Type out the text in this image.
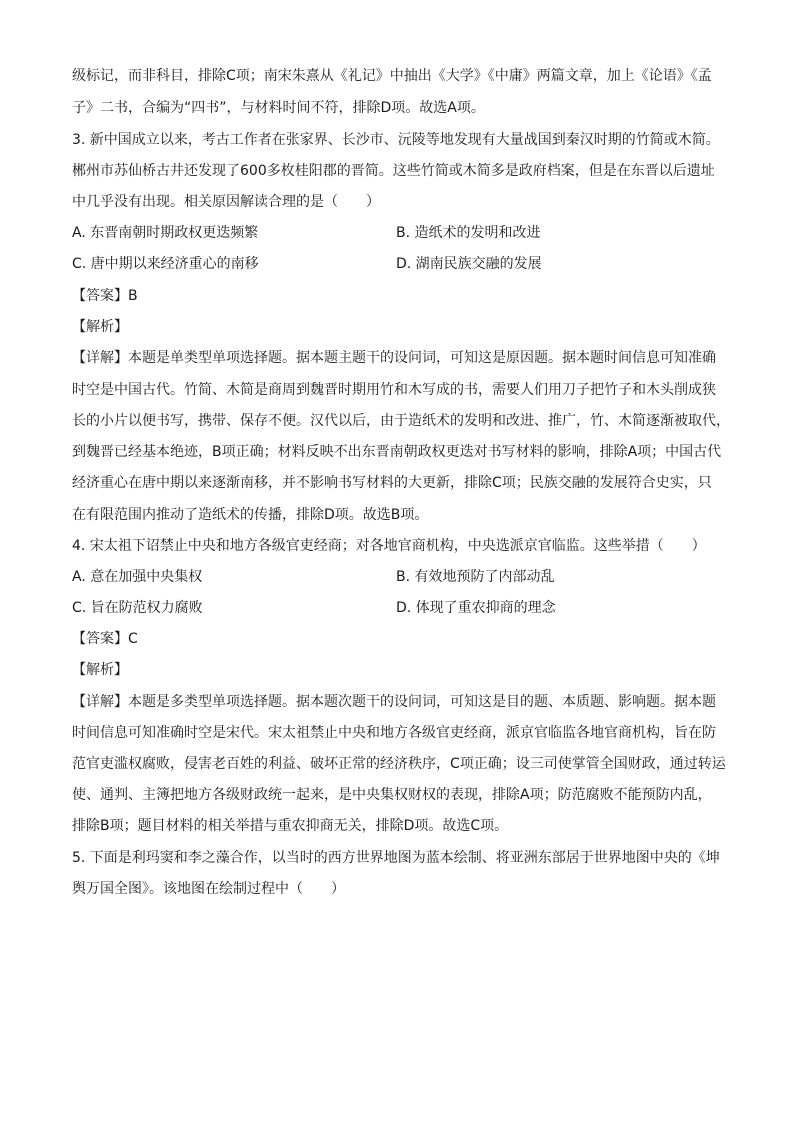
级标记，而非科目，排除C项；南宋朱熹从《礼记》中抽出《大学》《中庸》两篇文章，加上《论语》《孟
子》二书，合编为“四书”，与材料时间不符，排除D项。故选A项。
3. 新中国成立以来，考古工作者在张家界、长沙市、沅陵等地发现有大量战国到秦汉时期的竹简或木简。
郴州市苏仙桥古井还发现了600多枚桂阳郡的晋简。这些竹简或木简多是政府档案，但是在东晋以后遗址
中几乎没有出现。相关原因解读合理的是（　　）
A. 东晋南朝时期政权更迭频繁	B. 造纸术的发明和改进
C. 唐中期以来经济重心的南移	D. 湖南民族交融的发展
【答案】B
【解析】
【详解】本题是单类型单项选择题。据本题主题干的设问词，可知这是原因题。据本题时间信息可知准确
时空是中国古代。竹简、木简是商周到魏晋时期用竹和木写成的书，需要人们用刀子把竹子和木头削成狭
长的小片以便书写，携带、保存不便。汉代以后，由于造纸术的发明和改进、推广，竹、木简逐渐被取代，
到魏晋已经基本绝迹，B项正确；材料反映不出东晋南朝政权更迭对书写材料的影响，排除A项；中国古代
经济重心在唐中期以来逐渐南移，并不影响书写材料的大更新，排除C项；民族交融的发展符合史实，只
在有限范围内推动了造纸术的传播，排除D项。故选B项。
4. 宋太祖下诏禁止中央和地方各级官吏经商；对各地官商机构，中央选派京官临监。这些举措（　　）
A. 意在加强中央集权	B. 有效地预防了内部动乱
C. 旨在防范权力腐败	D. 体现了重农抑商的理念
【答案】C
【解析】
【详解】本题是多类型单项选择题。据本题次题干的设问词，可知这是目的题、本质题、影响题。据本题
时间信息可知准确时空是宋代。宋太祖禁止中央和地方各级官吏经商，派京官临监各地官商机构，旨在防
范官吏滥权腐败，侵害老百姓的利益、破坏正常的经济秩序，C项正确；设三司使掌管全国财政，通过转运
使、通判、主簿把地方各级财政统一起来，是中央集权财权的表现，排除A项；防范腐败不能预防内乱，
排除B项；题目材料的相关举措与重农抑商无关，排除D项。故选C项。
5. 下面是利玛窦和李之藻合作，以当时的西方世界地图为蓝本绘制、将亚洲东部居于世界地图中央的《坤
舆万国全图》。该地图在绘制过程中（　　）
